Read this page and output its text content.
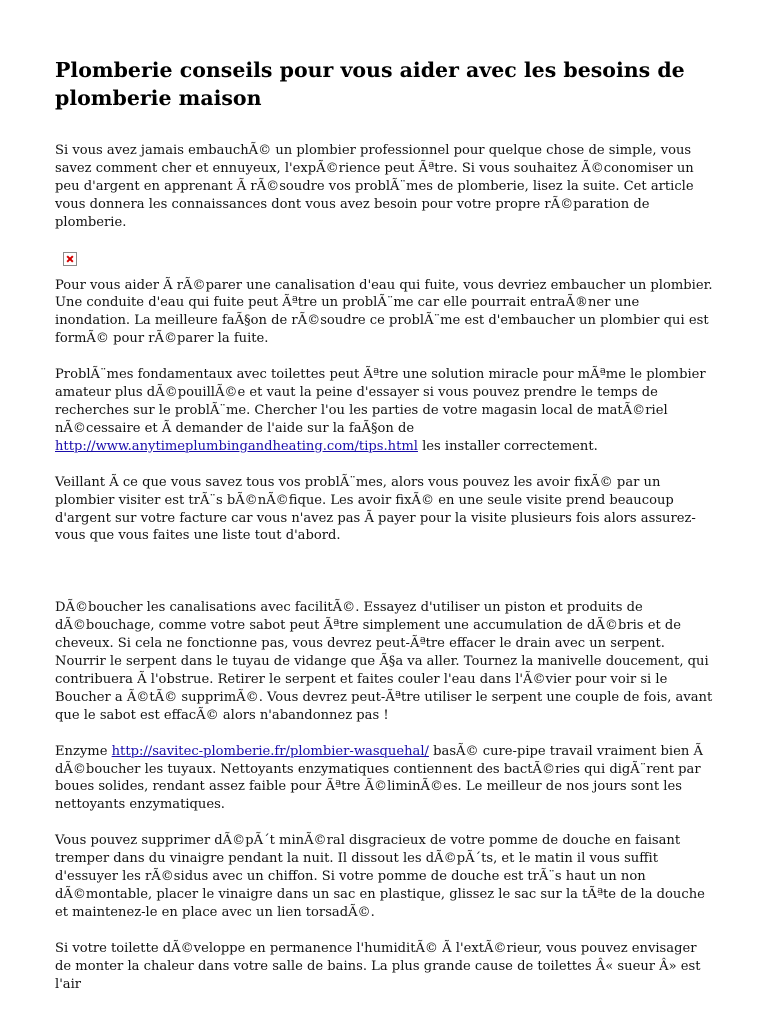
Plomberie conseils pour vous aider avec les besoins de plomberie maison

Si vous avez jamais embauchÃ© un plombier professionnel pour quelque chose de simple, vous savez comment cher et ennuyeux, l'expÃ©rience peut Ãªtre. Si vous souhaitez Ã©conomiser un peu d'argent en apprenant Ã rÃ©soudre vos problÃ¨mes de plomberie, lisez la suite. Cet article vous donnera les connaissances dont vous avez besoin pour votre propre rÃ©paration de plomberie.

Pour vous aider Ã rÃ©parer une canalisation d'eau qui fuite, vous devriez embaucher un plombier. Une conduite d'eau qui fuite peut Ãªtre un problÃ¨me car elle pourrait entraÃ®ner une inondation. La meilleure faÃ§on de rÃ©soudre ce problÃ¨me est d'embaucher un plombier qui est formÃ© pour rÃ©parer la fuite.

ProblÃ¨mes fondamentaux avec toilettes peut Ãªtre une solution miracle pour mÃªme le plombier amateur plus dÃ©pouillÃ©e et vaut la peine d'essayer si vous pouvez prendre le temps de recherches sur le problÃ¨me. Chercher l'ou les parties de votre magasin local de matÃ©riel nÃ©cessaire et Ã demander de l'aide sur la faÃ§on de http://www.anytimeplumbingandheating.com/tips.html les installer correctement.

Veillant Ã ce que vous savez tous vos problÃ¨mes, alors vous pouvez les avoir fixÃ© par un plombier visiter est trÃ¨s bÃ©nÃ©fique. Les avoir fixÃ© en une seule visite prend beaucoup d'argent sur votre facture car vous n'avez pas Ã payer pour la visite plusieurs fois alors assurez-vous que vous faites une liste tout d'abord.

DÃ©boucher les canalisations avec facilitÃ©. Essayez d'utiliser un piston et produits de dÃ©bouchage, comme votre sabot peut Ãªtre simplement une accumulation de dÃ©bris et de cheveux. Si cela ne fonctionne pas, vous devrez peut-Ãªtre effacer le drain avec un serpent. Nourrir le serpent dans le tuyau de vidange que Ã§a va aller. Tournez la manivelle doucement, qui contribuera Ã l'obstrue. Retirer le serpent et faites couler l'eau dans l'Ã©vier pour voir si le Boucher a Ã©tÃ© supprimÃ©. Vous devrez peut-Ãªtre utiliser le serpent une couple de fois, avant que le sabot est effacÃ© alors n'abandonnez pas !

Enzyme http://savitec-plomberie.fr/plombier-wasquehal/ basÃ© cure-pipe travail vraiment bien Ã dÃ©boucher les tuyaux. Nettoyants enzymatiques contiennent des bactÃ©ries qui digÃ¨rent par boues solides, rendant assez faible pour Ãªtre Ã©liminÃ©es. Le meilleur de nos jours sont les nettoyants enzymatiques.

Vous pouvez supprimer dÃ©pÃ´t minÃ©ral disgracieux de votre pomme de douche en faisant tremper dans du vinaigre pendant la nuit. Il dissout les dÃ©pÃ´ts, et le matin il vous suffit d'essuyer les rÃ©sidus avec un chiffon. Si votre pomme de douche est trÃ¨s haut un non dÃ©montable, placer le vinaigre dans un sac en plastique, glissez le sac sur la tÃªte de la douche et maintenez-le en place avec un lien torsadÃ©.

Si votre toilette dÃ©veloppe en permanence l'humiditÃ© Ã l'extÃ©rieur, vous pouvez envisager de monter la chaleur dans votre salle de bains. La plus grande cause de toilettes Â« sueur Â» est l'air
